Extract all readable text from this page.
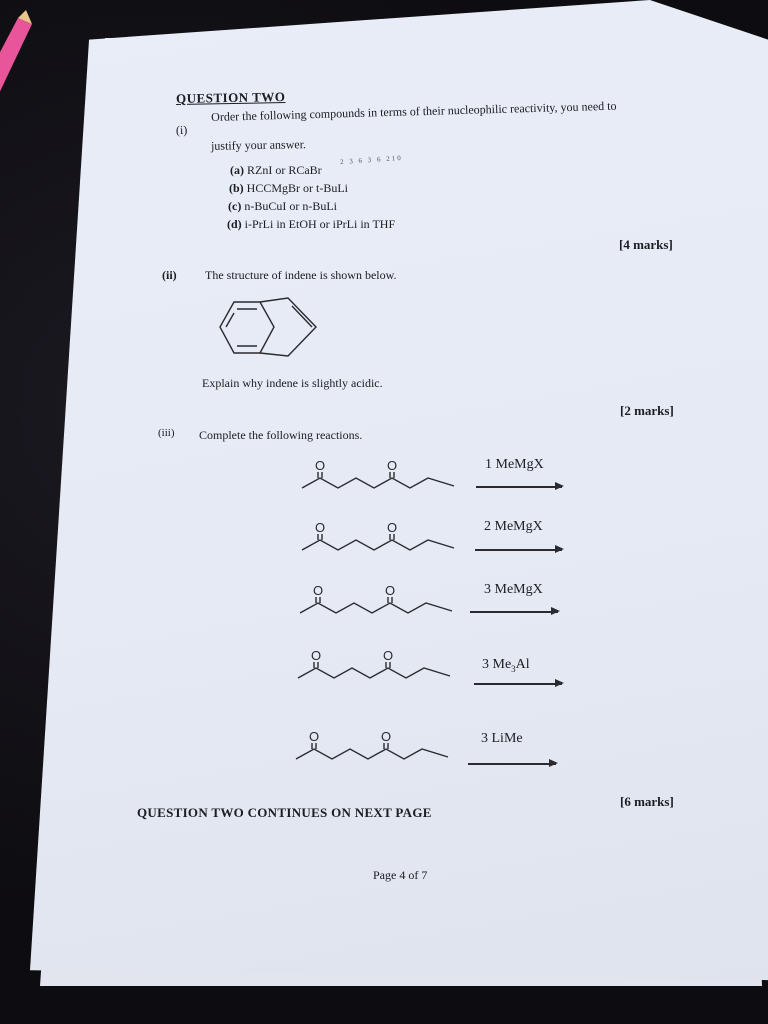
QUESTION TWO
(i)
Order the following compounds in terms of their nucleophilic reactivity, you need to
justify your answer.
2 3 6 3 6 210
(a) RZnI or RCaBr
(b) HCCMgBr or t-BuLi
(c) n-BuCuI or n-BuLi
(d) i-PrLi in EtOH or iPrLi in THF
[4 marks]
(ii) The structure of indene is shown below.
Explain why indene is slightly acidic.
[2 marks]
(iii) Complete the following reactions.
O	O	1 MeMgX
O	O	2 MeMgX
O	O	3 MeMgX
O	O
3 $Me_3Al$
O	O	3 LiMe
[6 marks]
QUESTION TWO CONTINUES ON NEXT PAGE
Page 4 of 7
